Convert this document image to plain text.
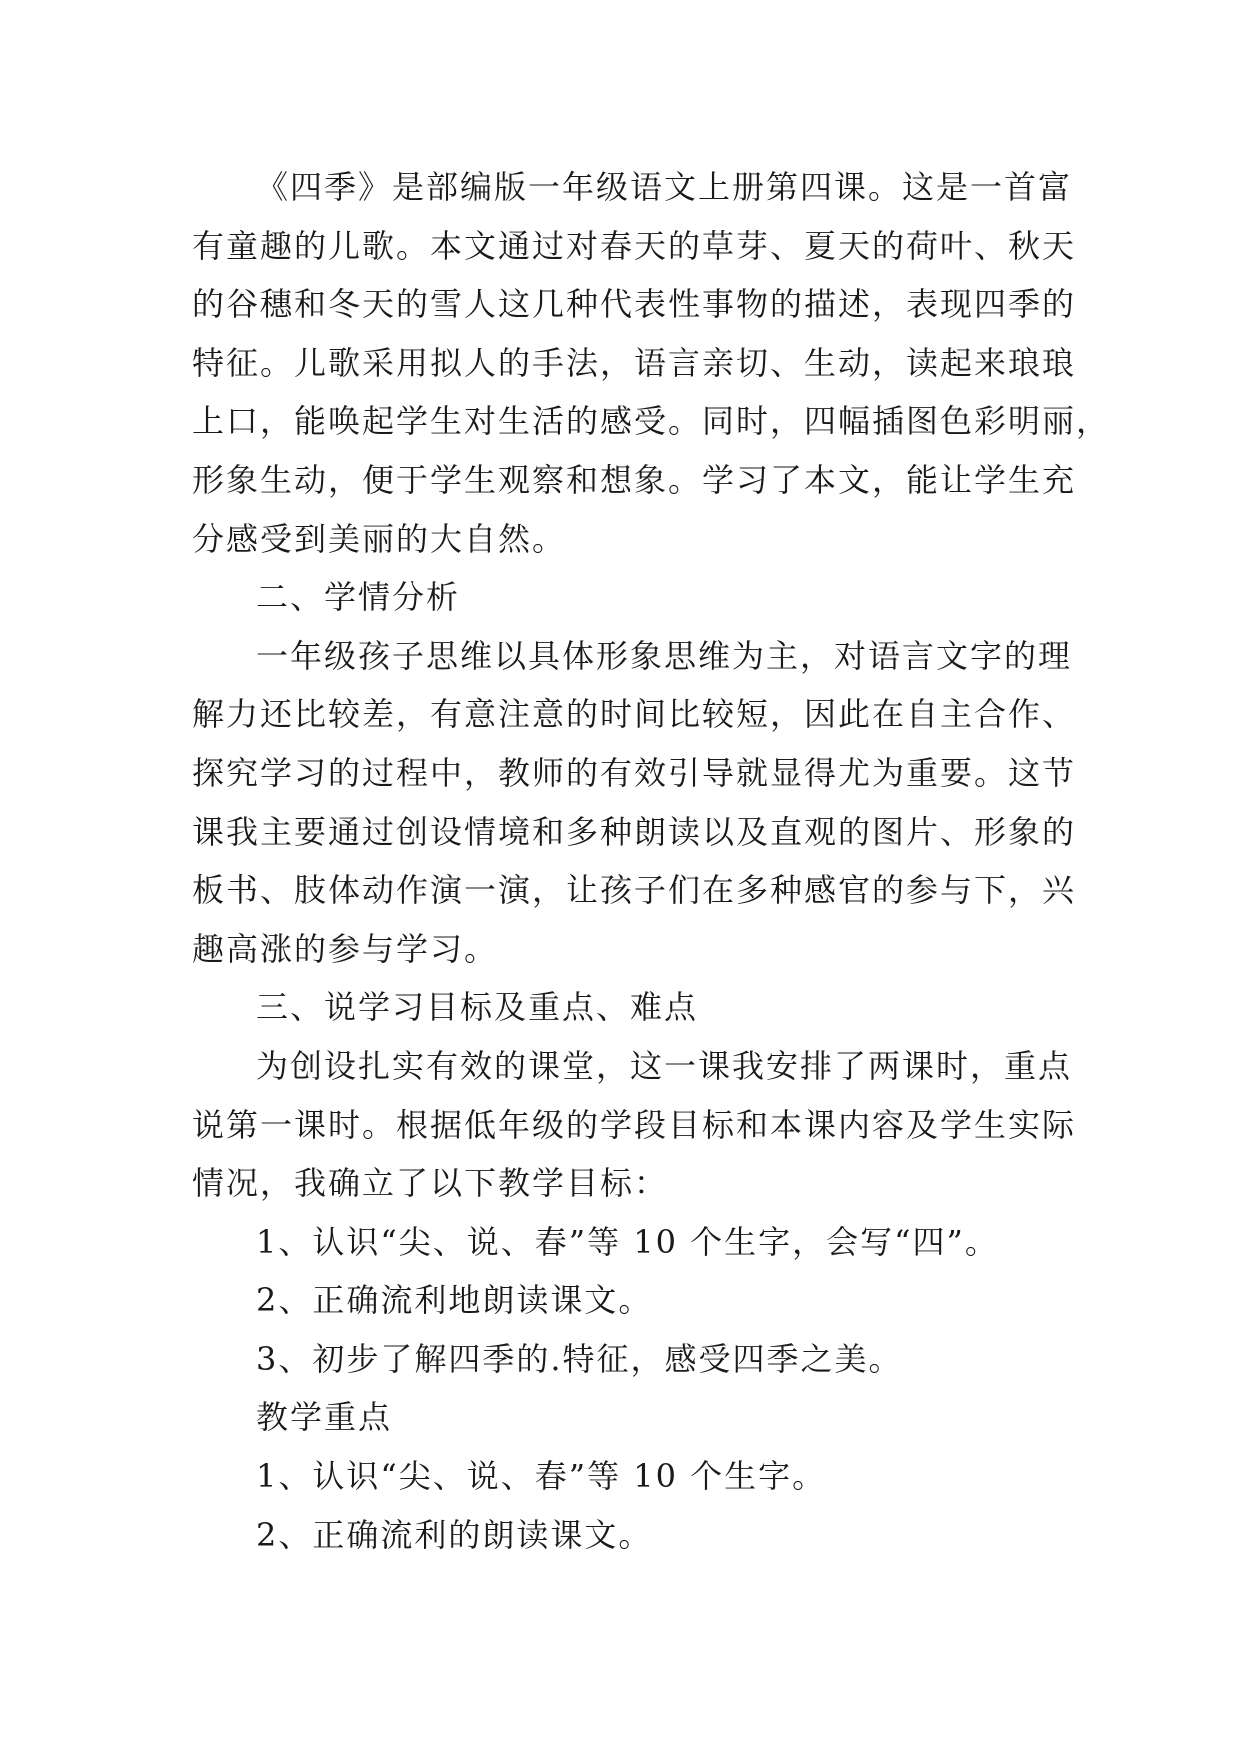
《四季》是部编版一年级语文上册第四课。这是一首富
有童趣的儿歌。本文通过对春天的草芽、夏天的荷叶、秋天
的谷穗和冬天的雪人这几种代表性事物的描述，表现四季的
特征。儿歌采用拟人的手法，语言亲切、生动，读起来琅琅
上口，能唤起学生对生活的感受。同时，四幅插图色彩明丽，
形象生动，便于学生观察和想象。学习了本文，能让学生充
分感受到美丽的大自然。
二、学情分析
一年级孩子思维以具体形象思维为主，对语言文字的理
解力还比较差，有意注意的时间比较短，因此在自主合作、
探究学习的过程中，教师的有效引导就显得尤为重要。这节
课我主要通过创设情境和多种朗读以及直观的图片、形象的
板书、肢体动作演一演，让孩子们在多种感官的参与下，兴
趣高涨的参与学习。
三、说学习目标及重点、难点
为创设扎实有效的课堂，这一课我安排了两课时，重点
说第一课时。根据低年级的学段目标和本课内容及学生实际
情况，我确立了以下教学目标：
1、认识“尖、说、春”等 10 个生字，会写“四”。
2、正确流利地朗读课文。
3、初步了解四季的.特征，感受四季之美。
教学重点
1、认识“尖、说、春”等 10 个生字。
2、正确流利的朗读课文。
